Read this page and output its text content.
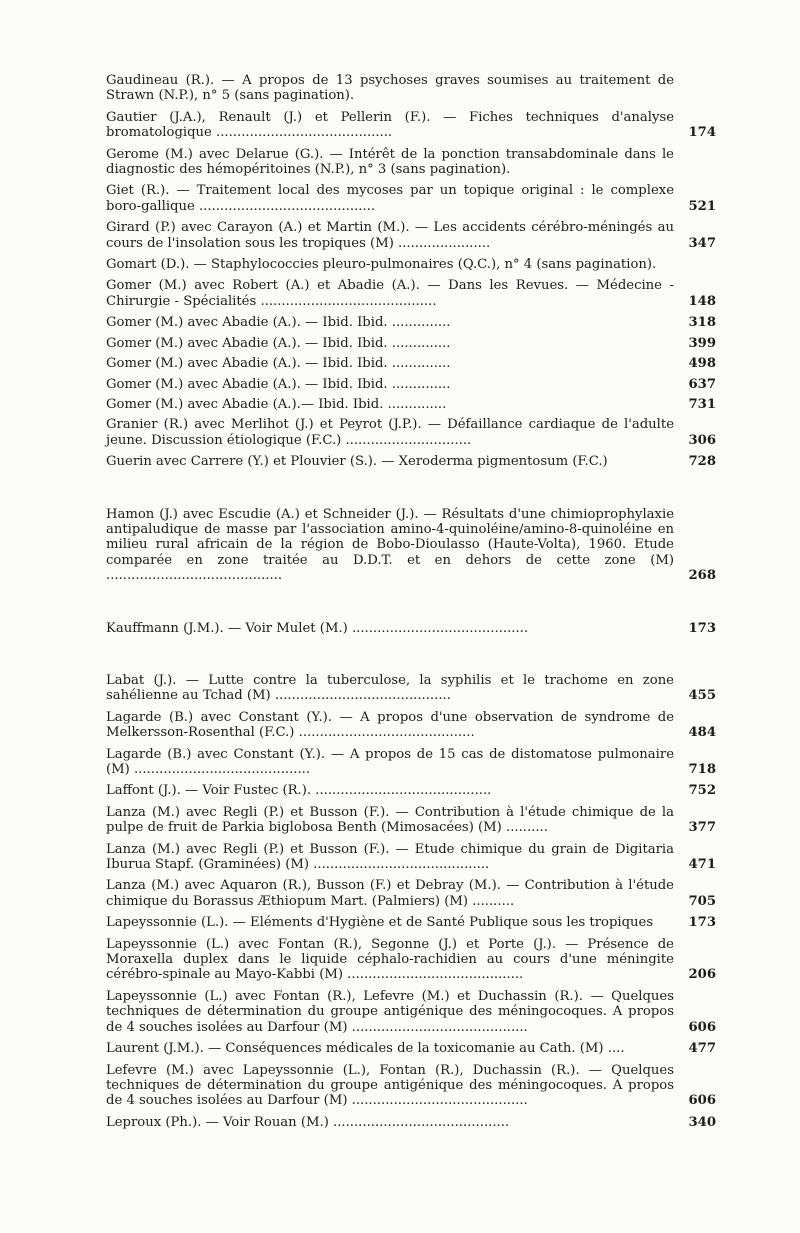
Gaudineau (R.). — A propos de 13 psychoses graves soumises au traitement de Strawn (N.P.), n° 5 (sans pagination).
Gautier (J.A.), Renault (J.) et Pellerin (F.). — Fiches techniques d'analyse bromatologique ..........................................	174
Gerome (M.) avec Delarue (G.). — Intérêt de la ponction transabdominale dans le diagnostic des hémopéritoines (N.P.), n° 3 (sans pagination).
Giet (R.). — Traitement local des mycoses par un topique original : le complexe boro-gallique ..........................................	521
Girard (P.) avec Carayon (A.) et Martin (M.). — Les accidents cérébro-méningés au cours de l'insolation sous les tropiques (M) ......................	347
Gomart (D.). — Staphylococcies pleuro-pulmonaires (Q.C.), n° 4 (sans pagination).
Gomer (M.) avec Robert (A.) et Abadie (A.). — Dans les Revues. — Médecine - Chirurgie - Spécialités ..........................................	148
Gomer (M.) avec Abadie (A.). — Ibid. Ibid. ..............	318
Gomer (M.) avec Abadie (A.). — Ibid. Ibid. ..............	399
Gomer (M.) avec Abadie (A.). — Ibid. Ibid. ..............	498
Gomer (M.) avec Abadie (A.). — Ibid. Ibid. ..............	637
Gomer (M.) avec Abadie (A.).— Ibid. Ibid. ..............	731
Granier (R.) avec Merlihot (J.) et Peyrot (J.P.). — Défaillance cardiaque de l'adulte jeune. Discussion étiologique (F.C.) ..............................	306
Guerin avec Carrere (Y.) et Plouvier (S.). — Xeroderma pigmentosum (F.C.)	728
Hamon (J.) avec Escudie (A.) et Schneider (J.). — Résultats d'une chimioprophylaxie antipaludique de masse par l'association amino-4-quinoléine/amino-8-quinoléine en milieu rural africain de la région de Bobo-Dioulasso (Haute-Volta), 1960. Etude comparée en zone traitée au D.D.T. et en dehors de cette zone (M) ..........................................	268
Kauffmann (J.M.). — Voir Mulet (M.) ..........................................	173
Labat (J.). — Lutte contre la tuberculose, la syphilis et le trachome en zone sahélienne au Tchad (M) ..........................................	455
Lagarde (B.) avec Constant (Y.). — A propos d'une observation de syndrome de Melkersson-Rosenthal (F.C.) ..........................................	484
Lagarde (B.) avec Constant (Y.). — A propos de 15 cas de distomatose pulmonaire (M) ..........................................	718
Laffont (J.). — Voir Fustec (R.). ..........................................	752
Lanza (M.) avec Regli (P.) et Busson (F.). — Contribution à l'étude chimique de la pulpe de fruit de Parkia biglobosa Benth (Mimosacées) (M) ..........	377
Lanza (M.) avec Regli (P.) et Busson (F.). — Etude chimique du grain de Digitaria Iburua Stapf. (Graminées) (M) ..........................................	471
Lanza (M.) avec Aquaron (R.), Busson (F.) et Debray (M.). — Contribution à l'étude chimique du Borassus Æthiopum Mart. (Palmiers) (M) ..........	705
Lapeyssonnie (L.). — Eléments d'Hygiène et de Santé Publique sous les tropiques	173
Lapeyssonnie (L.) avec Fontan (R.), Segonne (J.) et Porte (J.). — Présence de Moraxella duplex dans le liquide céphalo-rachidien au cours d'une méningite cérébro-spinale au Mayo-Kabbi (M) ..........................................	206
Lapeyssonnie (L.) avec Fontan (R.), Lefevre (M.) et Duchassin (R.). — Quelques techniques de détermination du groupe antigénique des méningocoques. A propos de 4 souches isolées au Darfour (M) ..........................................	606
Laurent (J.M.). — Conséquences médicales de la toxicomanie au Cath. (M) ....	477
Lefevre (M.) avec Lapeyssonnie (L.), Fontan (R.), Duchassin (R.). — Quelques techniques de détermination du groupe antigénique des méningocoques. A propos de 4 souches isolées au Darfour (M) ..........................................	606
Leproux (Ph.). — Voir Rouan (M.) ..........................................	340
